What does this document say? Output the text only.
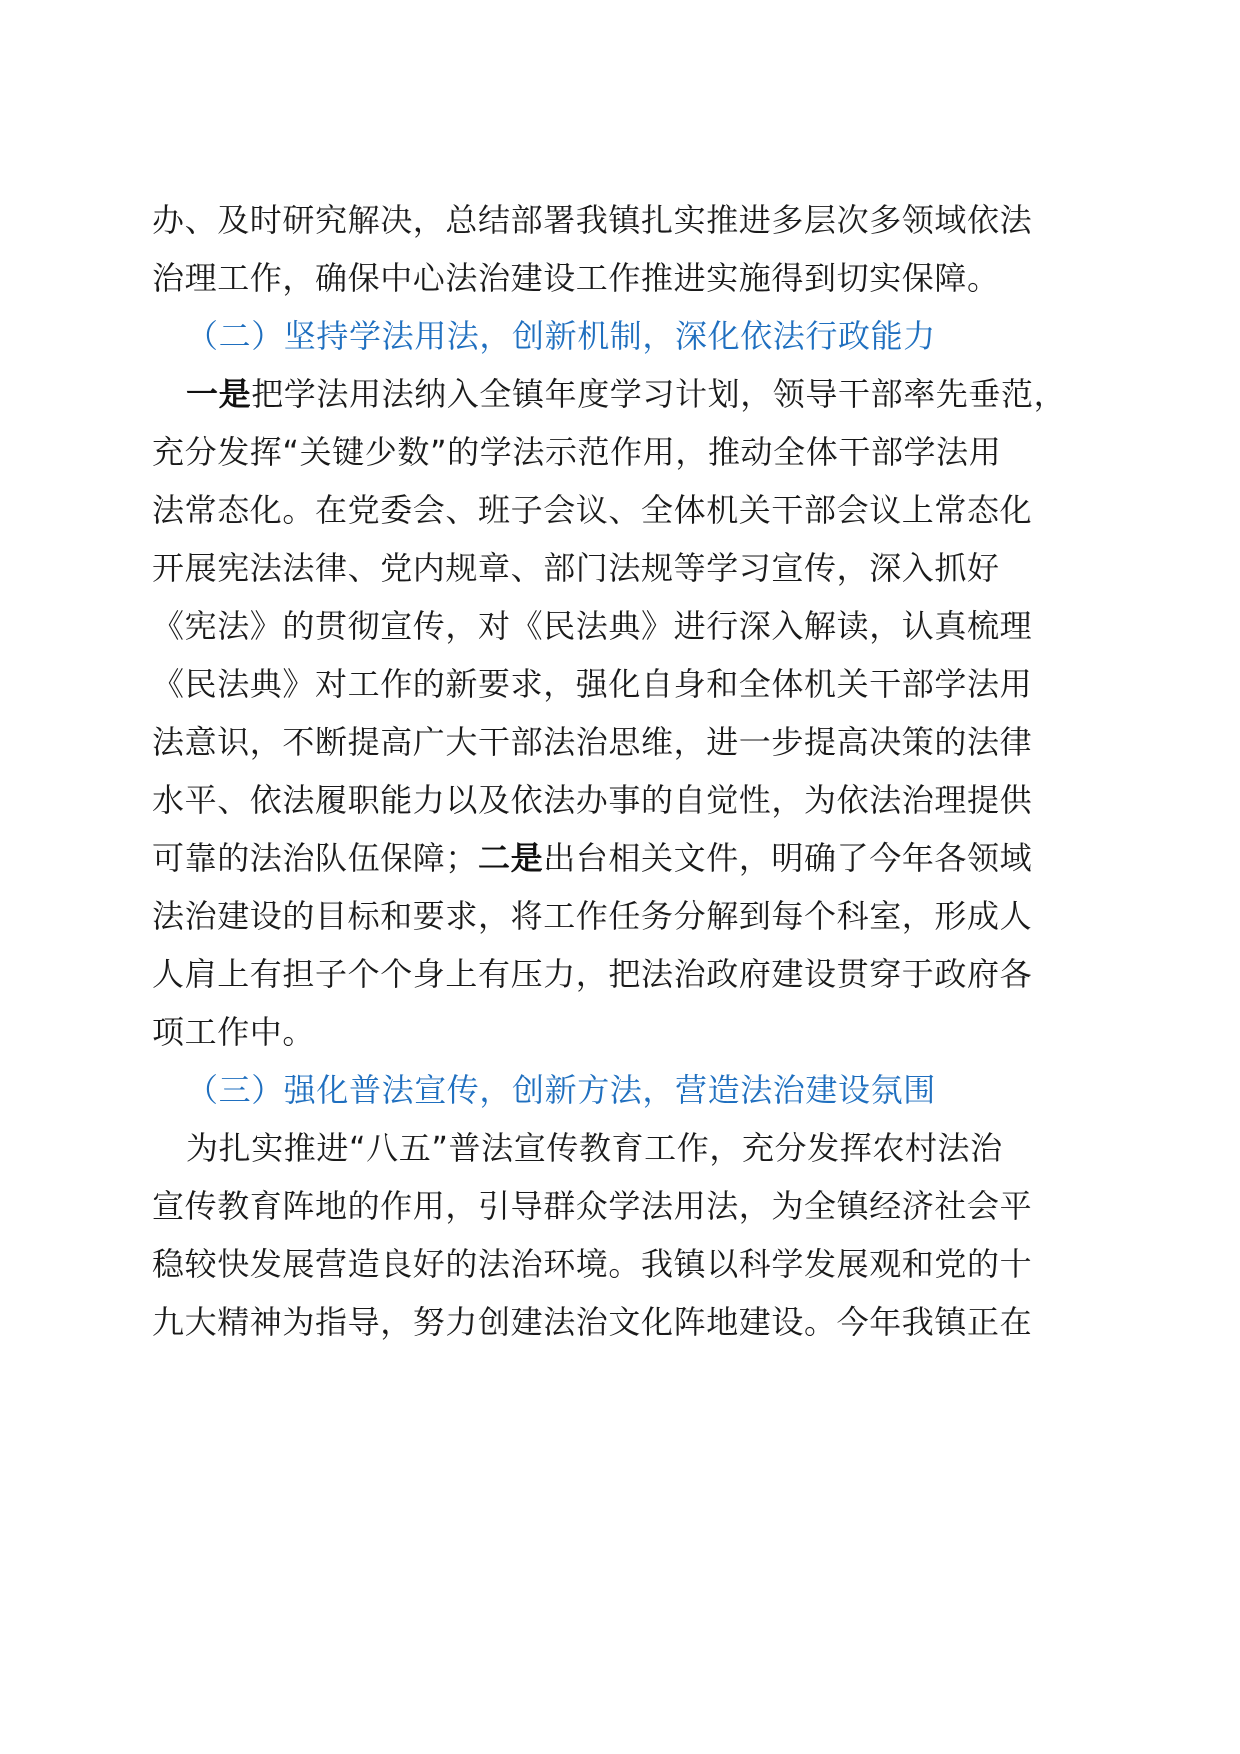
办、及时研究解决，总结部署我镇扎实推进多层次多领域依法
治理工作，确保中心法治建设工作推进实施得到切实保障。
（二）坚持学法用法，创新机制，深化依法行政能力
一是把学法用法纳入全镇年度学习计划，领导干部率先垂范，
充分发挥“关键少数”的学法示范作用，推动全体干部学法用
法常态化。在党委会、班子会议、全体机关干部会议上常态化
开展宪法法律、党内规章、部门法规等学习宣传，深入抓好
《宪法》的贯彻宣传，对《民法典》进行深入解读，认真梳理
《民法典》对工作的新要求，强化自身和全体机关干部学法用
法意识，不断提高广大干部法治思维，进一步提高决策的法律
水平、依法履职能力以及依法办事的自觉性，为依法治理提供
可靠的法治队伍保障；二是出台相关文件，明确了今年各领域
法治建设的目标和要求，将工作任务分解到每个科室，形成人
人肩上有担子个个身上有压力，把法治政府建设贯穿于政府各
项工作中。
（三）强化普法宣传，创新方法，营造法治建设氛围
为扎实推进“八五”普法宣传教育工作，充分发挥农村法治
宣传教育阵地的作用，引导群众学法用法，为全镇经济社会平
稳较快发展营造良好的法治环境。我镇以科学发展观和党的十
九大精神为指导，努力创建法治文化阵地建设。今年我镇正在
